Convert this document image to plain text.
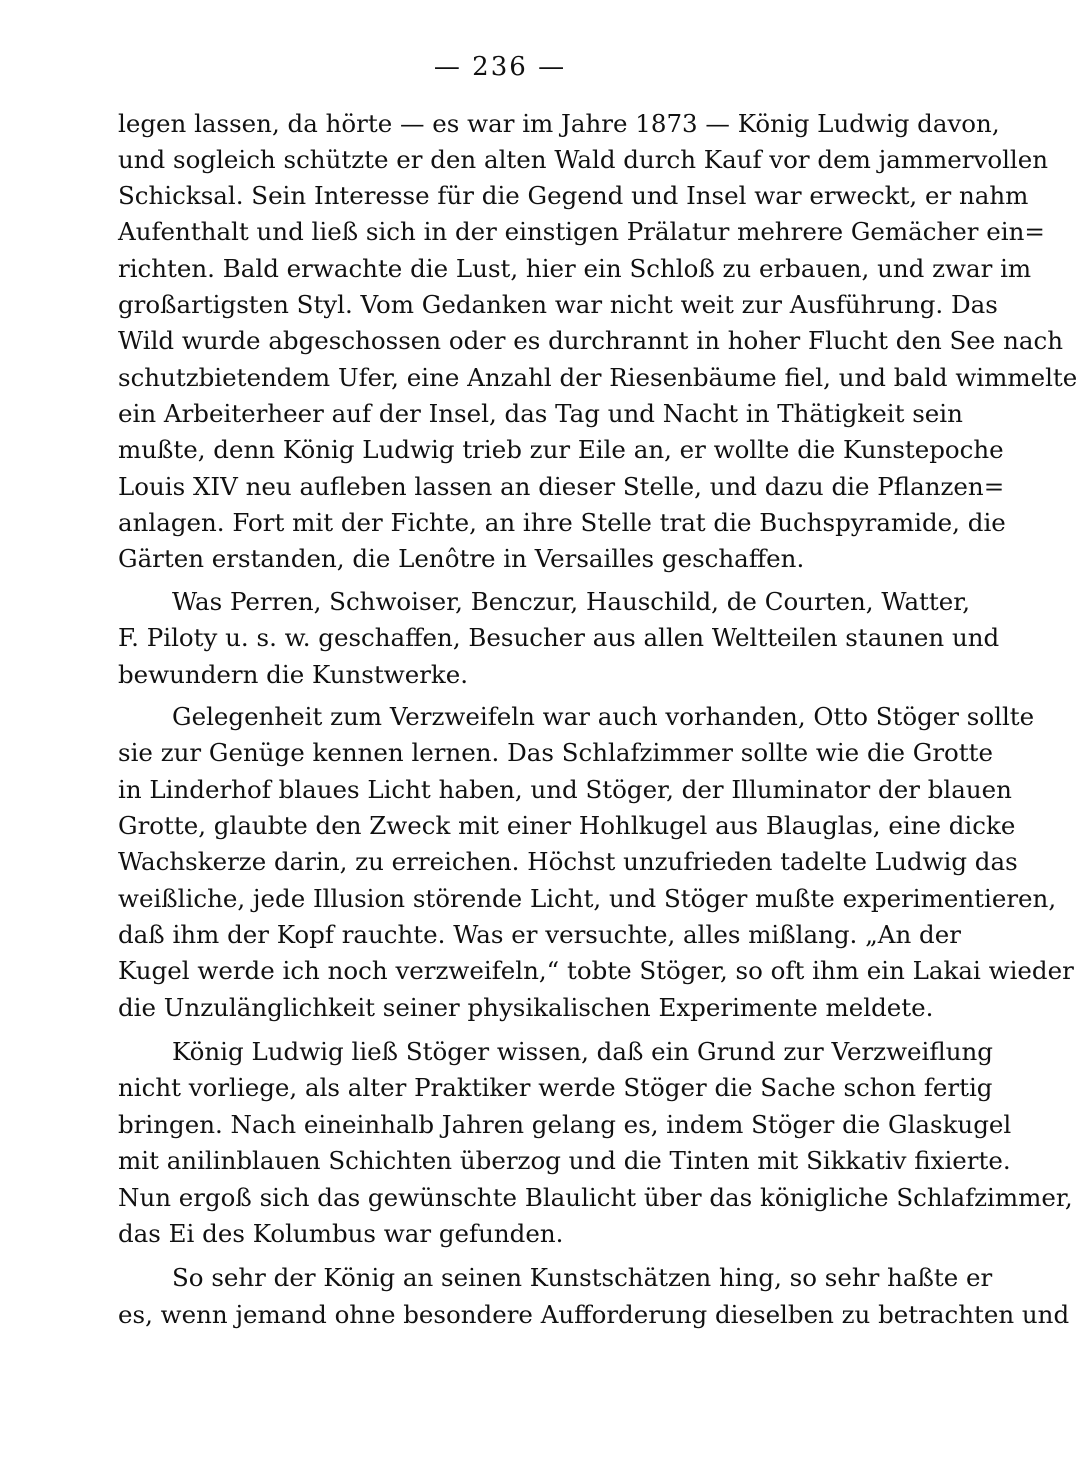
— 236 —
legen lassen, da hörte — es war im Jahre 1873 — König Ludwig davon,
und sogleich schützte er den alten Wald durch Kauf vor dem jammervollen
Schicksal. Sein Interesse für die Gegend und Insel war erweckt, er nahm
Aufenthalt und ließ sich in der einstigen Prälatur mehrere Gemächer ein=
richten. Bald erwachte die Lust, hier ein Schloß zu erbauen, und zwar im
großartigsten Styl. Vom Gedanken war nicht weit zur Ausführung. Das
Wild wurde abgeschossen oder es durchrannt in hoher Flucht den See nach
schutzbietendem Ufer, eine Anzahl der Riesenbäume fiel, und bald wimmelte
ein Arbeiterheer auf der Insel, das Tag und Nacht in Thätigkeit sein
mußte, denn König Ludwig trieb zur Eile an, er wollte die Kunstepoche
Louis XIV neu aufleben lassen an dieser Stelle, und dazu die Pflanzen=
anlagen. Fort mit der Fichte, an ihre Stelle trat die Buchspyramide, die
Gärten erstanden, die Lenôtre in Versailles geschaffen.
Was Perren, Schwoiser, Benczur, Hauschild, de Courten, Watter,
F. Piloty u. s. w. geschaffen, Besucher aus allen Weltteilen staunen und
bewundern die Kunstwerke.
Gelegenheit zum Verzweifeln war auch vorhanden, Otto Stöger sollte
sie zur Genüge kennen lernen. Das Schlafzimmer sollte wie die Grotte
in Linderhof blaues Licht haben, und Stöger, der Illuminator der blauen
Grotte, glaubte den Zweck mit einer Hohlkugel aus Blauglas, eine dicke
Wachskerze darin, zu erreichen. Höchst unzufrieden tadelte Ludwig das
weißliche, jede Illusion störende Licht, und Stöger mußte experimentieren,
daß ihm der Kopf rauchte. Was er versuchte, alles mißlang. „An der
Kugel werde ich noch verzweifeln,“ tobte Stöger, so oft ihm ein Lakai wieder
die Unzulänglichkeit seiner physikalischen Experimente meldete.
König Ludwig ließ Stöger wissen, daß ein Grund zur Verzweiflung
nicht vorliege, als alter Praktiker werde Stöger die Sache schon fertig
bringen. Nach eineinhalb Jahren gelang es, indem Stöger die Glaskugel
mit anilinblauen Schichten überzog und die Tinten mit Sikkativ fixierte.
Nun ergoß sich das gewünschte Blaulicht über das königliche Schlafzimmer,
das Ei des Kolumbus war gefunden.
So sehr der König an seinen Kunstschätzen hing, so sehr haßte er
es, wenn jemand ohne besondere Aufforderung dieselben zu betrachten und
